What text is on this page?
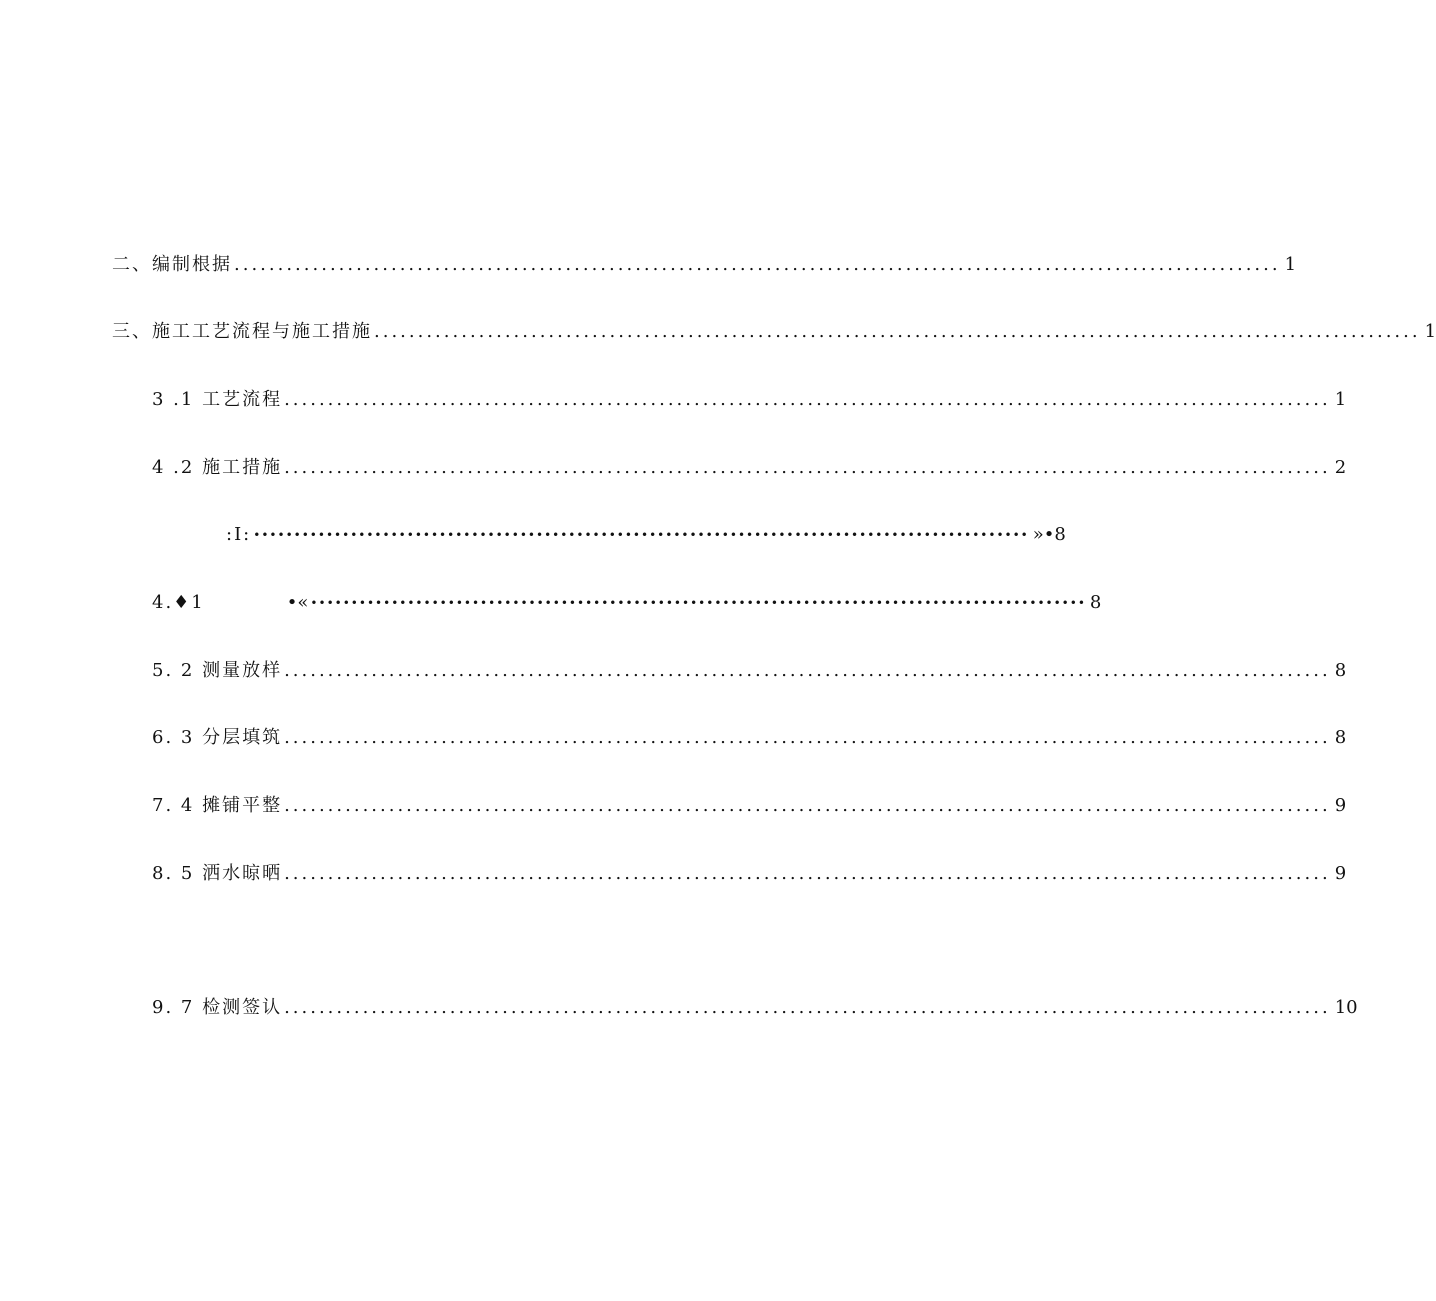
二、编制根据 ........................................................................................................................ 1
三、施工工艺流程与施工措施 ........................................................................................................................ 1
3 .1 工艺流程 ........................................................................................................................ 1
4 .2 施工措施 ........................................................................................................................ 2
:I: •••••••••••••••••••••••••••••••••••••••••••••••••••••••••••••••••••••••••••••••••••••••••••••••• »•8
4.♦1	•« •••••••••••••••••••••••••••••••••••••••••••••••••••••••••••••••••••••••••••••••••••••••••••••••• 8
5. 2 测量放样 ........................................................................................................................ 8
6. 3 分层填筑 ........................................................................................................................ 8
7. 4 摊铺平整 ........................................................................................................................ 9
8. 5 洒水晾晒 ........................................................................................................................ 9
9. 7 检测签认 ........................................................................................................................ 10
